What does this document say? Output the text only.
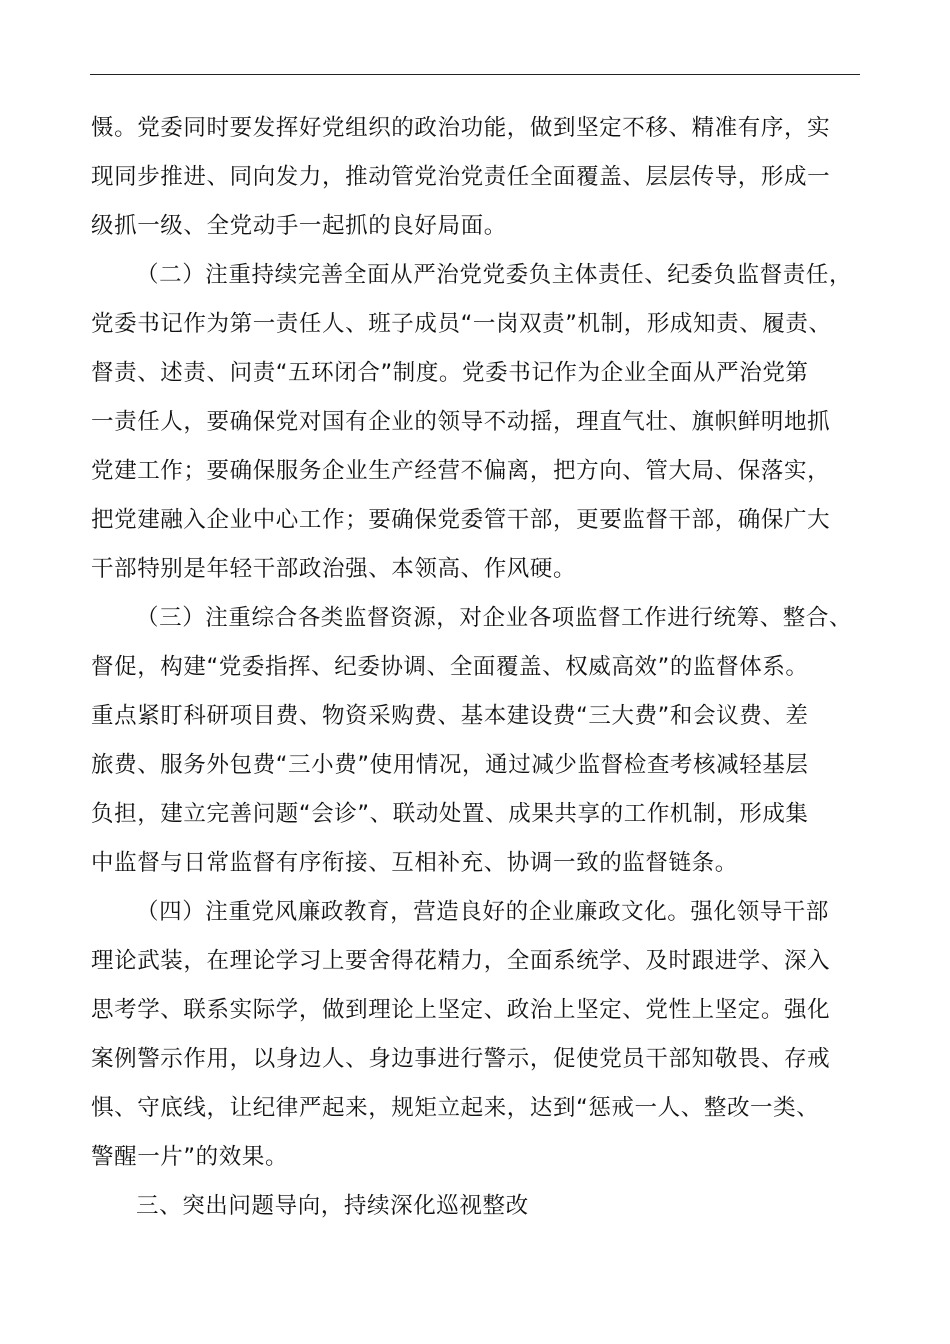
慑。党委同时要发挥好党组织的政治功能，做到坚定不移、精准有序，实
现同步推进、同向发力，推动管党治党责任全面覆盖、层层传导，形成一
级抓一级、全党动手一起抓的良好局面。
（二）注重持续完善全面从严治党党委负主体责任、纪委负监督责任，
党委书记作为第一责任人、班子成员“一岗双责”机制，形成知责、履责、
督责、述责、问责“五环闭合”制度。党委书记作为企业全面从严治党第
一责任人，要确保党对国有企业的领导不动摇，理直气壮、旗帜鲜明地抓
党建工作；要确保服务企业生产经营不偏离，把方向、管大局、保落实，
把党建融入企业中心工作；要确保党委管干部，更要监督干部，确保广大
干部特别是年轻干部政治强、本领高、作风硬。
（三）注重综合各类监督资源，对企业各项监督工作进行统筹、整合、
督促，构建“党委指挥、纪委协调、全面覆盖、权威高效”的监督体系。
重点紧盯科研项目费、物资采购费、基本建设费“三大费”和会议费、差
旅费、服务外包费“三小费”使用情况，通过减少监督检查考核减轻基层
负担，建立完善问题“会诊”、联动处置、成果共享的工作机制，形成集
中监督与日常监督有序衔接、互相补充、协调一致的监督链条。
（四）注重党风廉政教育，营造良好的企业廉政文化。强化领导干部
理论武装，在理论学习上要舍得花精力，全面系统学、及时跟进学、深入
思考学、联系实际学，做到理论上坚定、政治上坚定、党性上坚定。强化
案例警示作用，以身边人、身边事进行警示，促使党员干部知敬畏、存戒
惧、守底线，让纪律严起来，规矩立起来，达到“惩戒一人、整改一类、
警醒一片”的效果。
三、突出问题导向，持续深化巡视整改
